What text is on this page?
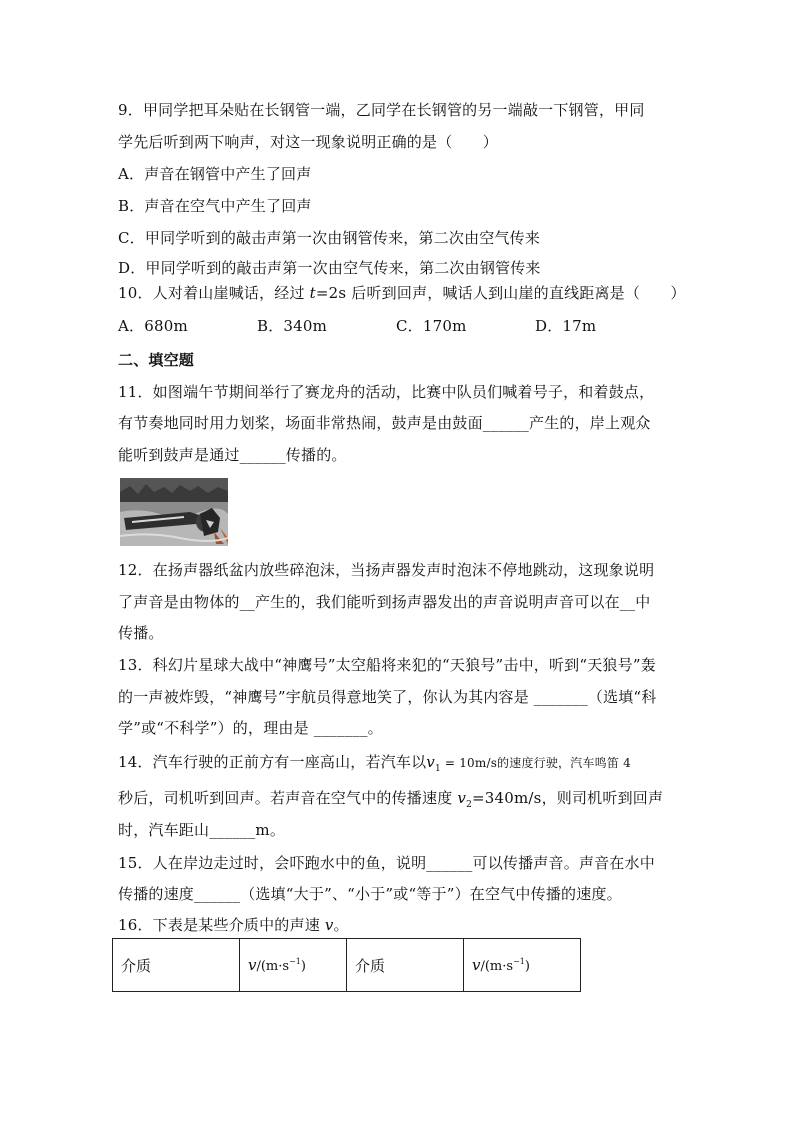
9．甲同学把耳朵贴在长钢管一端，乙同学在长钢管的另一端敲一下钢管，甲同
学先后听到两下响声，对这一现象说明正确的是（　　）
A．声音在钢管中产生了回声
B．声音在空气中产生了回声
C．甲同学听到的敲击声第一次由钢管传来，第二次由空气传来
D．甲同学听到的敲击声第一次由空气传来，第二次由钢管传来
10．人对着山崖喊话，经过 t=2s 后听到回声，喊话人到山崖的直线距离是（　　）
A．680m	B．340m	C．170m	D．17m
二、填空题
11．如图端午节期间举行了赛龙舟的活动，比赛中队员们喊着号子，和着鼓点，
有节奏地同时用力划桨，场面非常热闹，鼓声是由鼓面______产生的，岸上观众
能听到鼓声是通过______传播的。
12．在扬声器纸盆内放些碎泡沫，当扬声器发声时泡沫不停地跳动，这现象说明
了声音是由物体的__产生的，我们能听到扬声器发出的声音说明声音可以在__中
传播。
13．科幻片星球大战中“神鹰号”太空船将来犯的“天狼号”击中，听到“天狼号”轰
的一声被炸毁，“神鹰号”宇航员得意地笑了，你认为其内容是 _______（选填“科
学”或“不科学”）的，理由是 _______。
14．汽车行驶的正前方有一座高山，若汽车以$v_1 = 10m/s$的速度行驶，汽车鸣笛 4
秒后，司机听到回声。若声音在空气中的传播速度 $v_2=340m/s$，则司机听到回声
时，汽车距山______m。
15．人在岸边走过时，会吓跑水中的鱼，说明______可以传播声音。声音在水中
传播的速度______（选填“大于”、“小于”或“等于”）在空气中传播的速度。
16．下表是某些介质中的声速 v。
介质	$v/(m\cdot s^{-1})$	介质	$v/(m\cdot s^{-1})$
